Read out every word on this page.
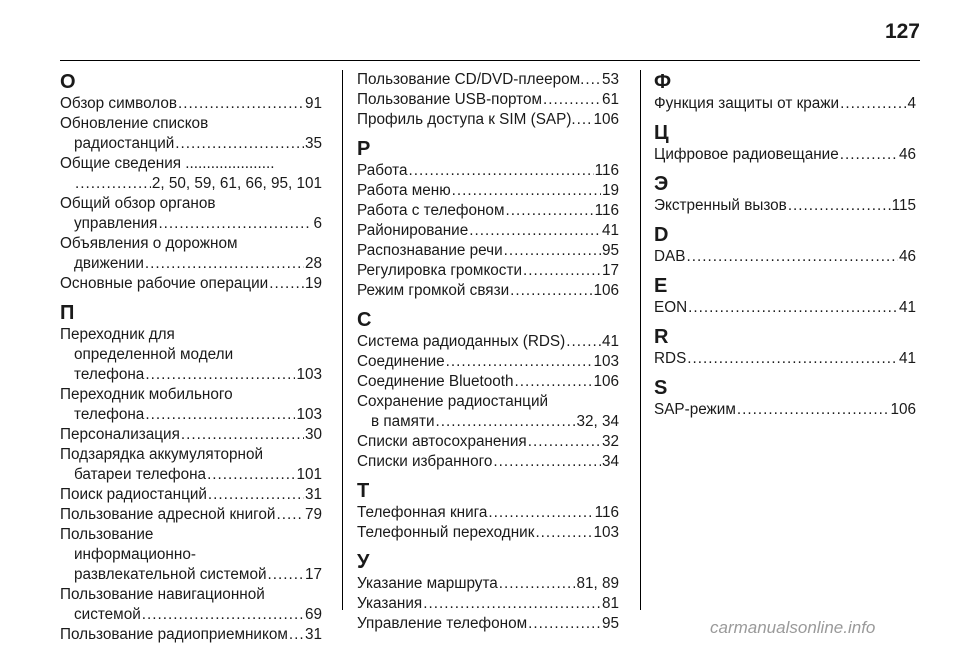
127
О
Обзор символов .....	91
Обновление списков
радиостанций .....	35
Общие сведения .....................
.....
2, 50, 59, 61, 66, 95, 101
Общий обзор органов
управления .....	6
Объявления о дорожном
движении .....	28
Основные рабочие операции ..... 19
П
Переходник для
определенной модели
телефона .....	103
Переходник мобильного
телефона .....	103
Персонализация .....	30
Подзарядка аккумуляторной
батареи телефона .....	101
Поиск радиостанций .....	31
Пользование адресной книгой ..... 79
Пользование
информационно-
развлекательной системой .....	17
Пользование навигационной
системой .....	69
Пользование радиоприемником ..... 31
Пользование CD/DVD-плеером. ..... 53
Пользование USB-портом .....	61
Профиль доступа к SIM (SAP). ..... 106
Р
Работа .....	116
Работа меню .....	19
Работа с телефоном .....	116
Районирование .....	41
Распознавание речи .....	95
Регулировка громкости .....	17
Режим громкой связи .....	106
С
Система радиоданных (RDS) ..... 41
Соединение .....	103
Соединение Bluetooth .....	106
Сохранение радиостанций
в памяти .....	32, 34
Списки автосохранения .....	32
Списки избранного .....	34
Т
Телефонная книга .....	116
Телефонный переходник .....	103
У
Указание маршрута .....	81, 89
Указания .....	81
Управление телефоном .....	95
Ф
Функция защиты от кражи .....	4
Ц
Цифровое радиовещание .....	46
Э
Экстренный вызов .....	115
D
DAB .....	46
E
EON .....	41
R
RDS .....	41
S
SAP-режим .....	106
carmanualsonline.info
